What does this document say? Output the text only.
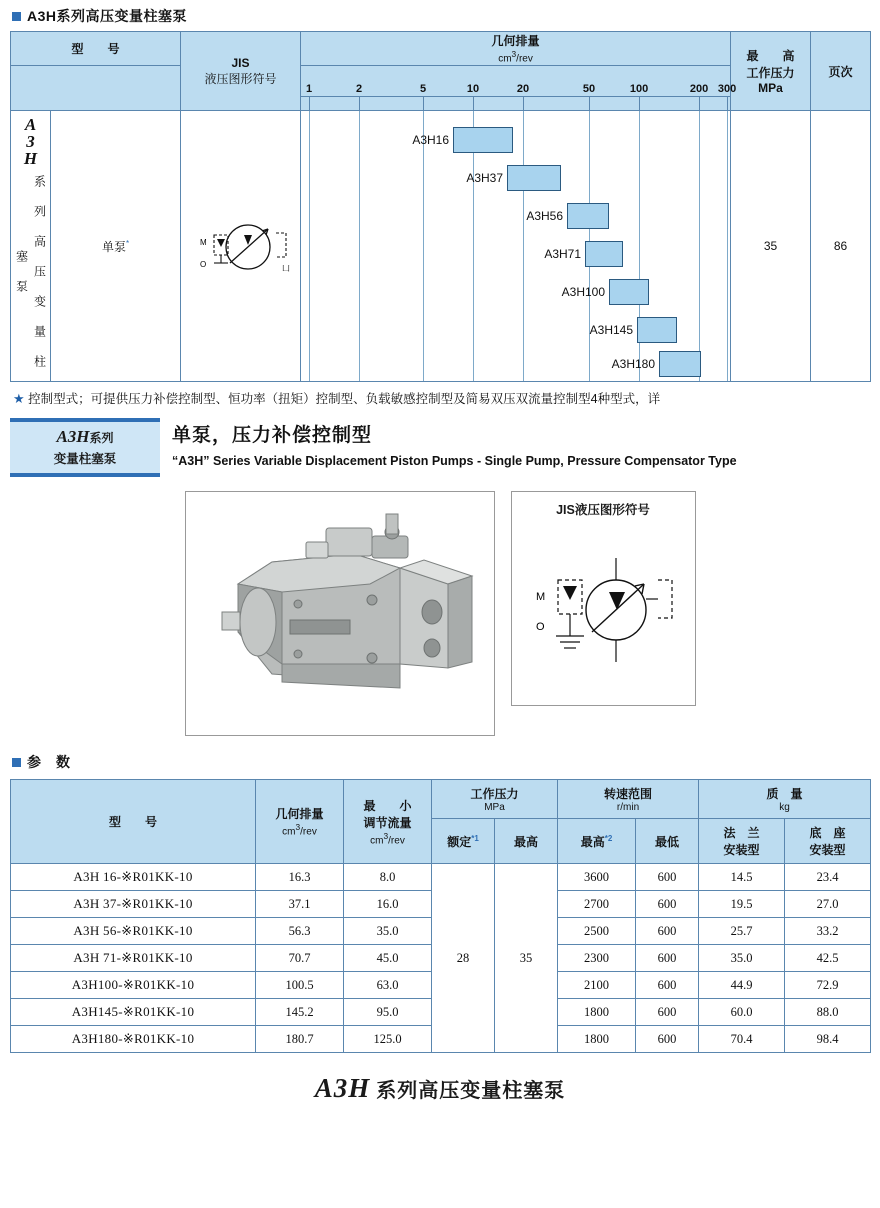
A3H系列高压变量柱塞泵
型　　号	
JIS
液压图形符号

几何排量
$cm^3$/rev	最　　高
工作压力
MPa
	页次

1	2	5	10	20	50	100	200 300

A
3
H
系 列 高 压 变 量 柱 塞 泵
	单泵*	M
O	凵

A3H16
A3H37
A3H56
A3H71
A3H100
A3H145
A3H180
	35	86
★ 控制型式；可提供压力补偿控制型、恒功率（扭矩）控制型、负载敏感控制型及简易双压双流量控制型4种型式，详
A3H系列
变量柱塞泵
单泵，压力补偿控制型
“A3H” Series Variable Displacement Piston Pumps - Single Pump, Pressure Compensator Type
JIS液压图形符号
M
O
参　数
型　　号	
几何排量
$cm^3$/rev

最　　小
调节流量
$cm^3$/rev

工作压力
MPa

转速范围
r/min

质　量
kg

额定$^{*1}$	最高	最高$^{*2}$	最低	
法　兰
安装型

底　座
安装型

A3H 16-※R01KK-10	16.3	8.0	28	35	3600	600	14.5	23.4
A3H 37-※R01KK-10	37.1	16.0			2700	600	19.5	27.0
A3H 56-※R01KK-10	56.3	35.0			2500	600	25.7	33.2
A3H 71-※R01KK-10	70.7	45.0			2300	600	35.0	42.5
A3H100-※R01KK-10	100.5	63.0			2100	600	44.9	72.9
A3H145-※R01KK-10	145.2	95.0			1800	600	60.0	88.0
A3H180-※R01KK-10	180.7	125.0			1800	600	70.4	98.4
A3H 系列高压变量柱塞泵
